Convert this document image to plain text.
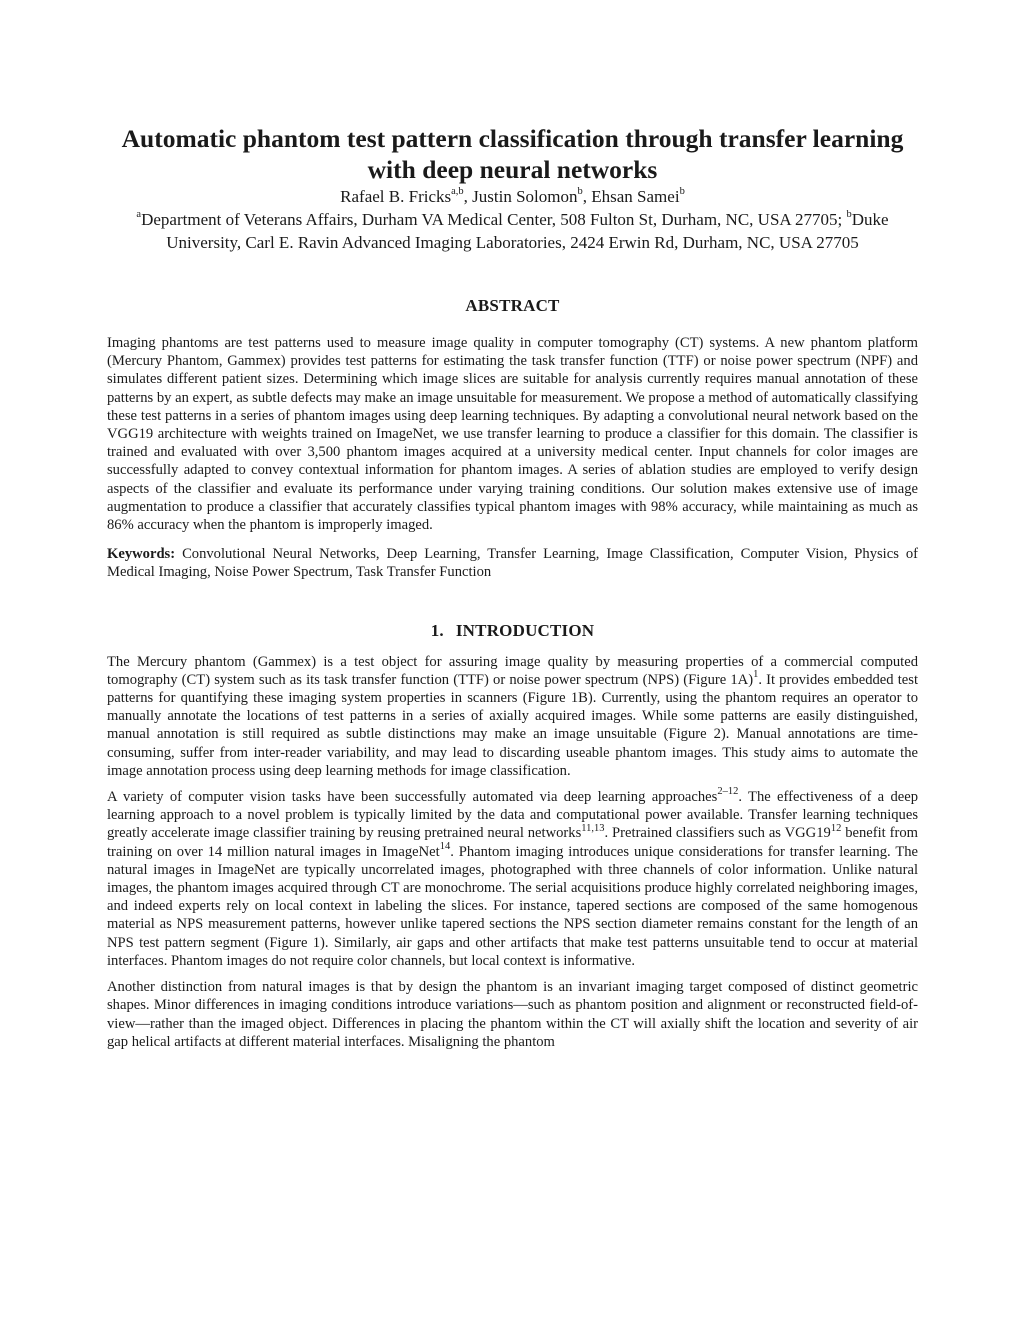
Automatic phantom test pattern classification through transfer learning with deep neural networks

Rafael B. Fricks$^{a,b}$, Justin Solomon$^b$, Ehsan Samei$^b$

$^a$Department of Veterans Affairs, Durham VA Medical Center, 508 Fulton St, Durham, NC, USA 27705; $^b$Duke University, Carl E. Ravin Advanced Imaging Laboratories, 2424 Erwin Rd, Durham, NC, USA 27705

ABSTRACT

Imaging phantoms are test patterns used to measure image quality in computer tomography (CT) systems. A new phantom platform (Mercury Phantom, Gammex) provides test patterns for estimating the task transfer function (TTF) or noise power spectrum (NPF) and simulates different patient sizes. Determining which image slices are suitable for analysis currently requires manual annotation of these patterns by an expert, as subtle defects may make an image unsuitable for measurement. We propose a method of automatically classifying these test patterns in a series of phantom images using deep learning techniques. By adapting a convolutional neural network based on the VGG19 architecture with weights trained on ImageNet, we use transfer learning to produce a classifier for this domain. The classifier is trained and evaluated with over 3,500 phantom images acquired at a university medical center. Input channels for color images are successfully adapted to convey contextual information for phantom images. A series of ablation studies are employed to verify design aspects of the classifier and evaluate its performance under varying training conditions. Our solution makes extensive use of image augmentation to produce a classifier that accurately classifies typical phantom images with 98% accuracy, while maintaining as much as 86% accuracy when the phantom is improperly imaged.

Keywords: Convolutional Neural Networks, Deep Learning, Transfer Learning, Image Classification, Computer Vision, Physics of Medical Imaging, Noise Power Spectrum, Task Transfer Function

1. INTRODUCTION

The Mercury phantom (Gammex) is a test object for assuring image quality by measuring properties of a commercial computed tomography (CT) system such as its task transfer function (TTF) or noise power spectrum (NPS) (Figure 1A)$^1$. It provides embedded test patterns for quantifying these imaging system properties in scanners (Figure 1B). Currently, using the phantom requires an operator to manually annotate the locations of test patterns in a series of axially acquired images. While some patterns are easily distinguished, manual annotation is still required as subtle distinctions may make an image unsuitable (Figure 2). Manual annotations are time-consuming, suffer from inter-reader variability, and may lead to discarding useable phantom images. This study aims to automate the image annotation process using deep learning methods for image classification.

A variety of computer vision tasks have been successfully automated via deep learning approaches$^{2-12}$. The effectiveness of a deep learning approach to a novel problem is typically limited by the data and computational power available. Transfer learning techniques greatly accelerate image classifier training by reusing pretrained neural networks$^{11,13}$. Pretrained classifiers such as $VGG19^{12}$ benefit from training on over 14 million natural images in ImageNet$^{14}$. Phantom imaging introduces unique considerations for transfer learning. The natural images in ImageNet are typically uncorrelated images, photographed with three channels of color information. Unlike natural images, the phantom images acquired through CT are monochrome. The serial acquisitions produce highly correlated neighboring images, and indeed experts rely on local context in labeling the slices. For instance, tapered sections are composed of the same homogenous material as NPS measurement patterns, however unlike tapered sections the NPS section diameter remains constant for the length of an NPS test pattern segment (Figure 1). Similarly, air gaps and other artifacts that make test patterns unsuitable tend to occur at material interfaces. Phantom images do not require color channels, but local context is informative.

Another distinction from natural images is that by design the phantom is an invariant imaging target composed of distinct geometric shapes. Minor differences in imaging conditions introduce variations—such as phantom position and alignment or reconstructed field-of-view—rather than the imaged object. Differences in placing the phantom within the CT will axially shift the location and severity of air gap helical artifacts at different material interfaces. Misaligning the phantom
